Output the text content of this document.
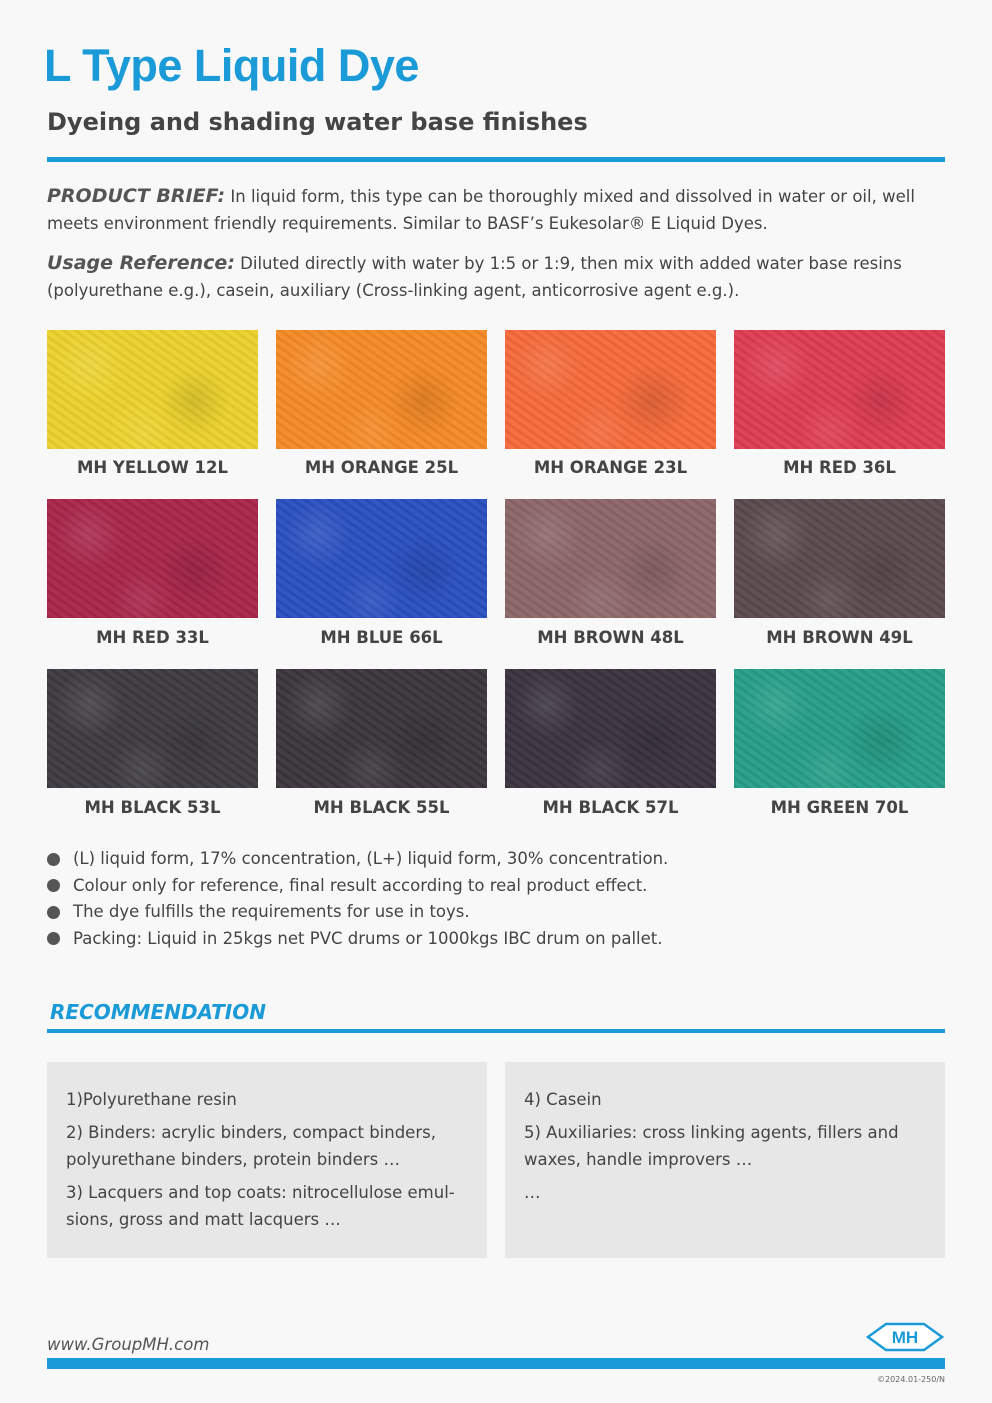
L Type Liquid Dye
Dyeing and shading water base finishes
PRODUCT BRIEF: In liquid form, this type can be thoroughly mixed and dissolved in water or oil, well meets environment friendly requirements. Similar to BASF’s Eukesolar® E Liquid Dyes.
Usage Reference: Diluted directly with water by 1:5 or 1:9, then mix with added water base resins (polyurethane e.g.), casein, auxiliary (Cross-linking agent, anticorrosive agent e.g.).
MH YELLOW 12L	MH ORANGE 25L	MH ORANGE 23L	MH RED 36L
MH RED 33L	MH BLUE 66L	MH BROWN 48L	MH BROWN 49L
MH BLACK 53L	MH BLACK 55L	MH BLACK 57L	MH GREEN 70L
(L) liquid form, 17% concentration, (L+) liquid form, 30% concentration.
Colour only for reference, final result according to real product effect.
The dye fulfills the requirements for use in toys.
Packing: Liquid in 25kgs net PVC drums or 1000kgs IBC drum on pallet.
RECOMMENDATION

1)Polyurethane resin

2) Binders: acrylic binders, compact binders, polyurethane binders, protein binders …

3) Lacquers and top coats: nitrocellulose emul-sions, gross and matt lacquers …

4) Casein

5) Auxiliaries: cross linking agents, fillers and waxes, handle improvers …

…

www.GroupMH.com	MH
©2024.01-250/N
